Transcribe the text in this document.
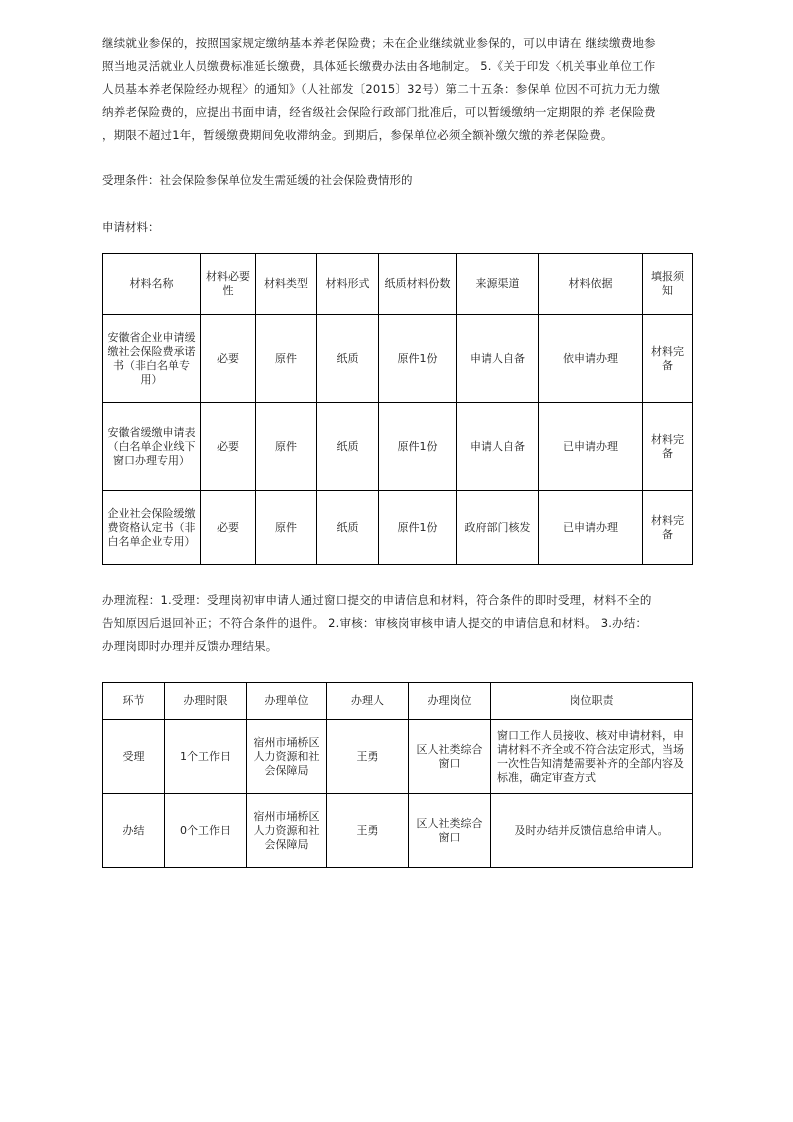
继续就业参保的，按照国家规定缴纳基本养老保险费；未在企业继续就业参保的，可以申请在 继续缴费地参
照当地灵活就业人员缴费标准延长缴费，具体延长缴费办法由各地制定。 5.《关于印发〈机关事业单位工作
人员基本养老保险经办规程〉的通知》（人社部发〔2015〕32号）第二十五条：参保单 位因不可抗力无力缴
纳养老保险费的，应提出书面申请，经省级社会保险行政部门批准后，可以暂缓缴纳一定期限的养 老保险费
，期限不超过1年，暂缓缴费期间免收滞纳金。到期后，参保单位必须全额补缴欠缴的养老保险费。

受理条件：社会保险参保单位发生需延缓的社会保险费情形的

申请材料：

材料名称	材料必要性	材料类型	材料形式	纸质材料份数	来源渠道	材料依据	填报须知
安徽省企业申请缓缴社会保险费承诺书（非白名单专用）	必要	原件	纸质	原件1份	申请人自备	依申请办理	材料完备
安徽省缓缴申请表（白名单企业线下窗口办理专用）	必要	原件	纸质	原件1份	申请人自备	已申请办理	材料完备
企业社会保险缓缴费资格认定书（非白名单企业专用）	必要	原件	纸质	原件1份	政府部门核发	已申请办理	材料完备

办理流程：1.受理：受理岗初审申请人通过窗口提交的申请信息和材料，符合条件的即时受理，材料不全的
告知原因后退回补正；不符合条件的退件。 2.审核：审核岗审核申请人提交的申请信息和材料。 3.办结：
办理岗即时办理并反馈办理结果。

环节	办理时限	办理单位	办理人	办理岗位	岗位职责
受理	1个工作日	宿州市埇桥区人力资源和社会保障局	王勇	区人社类综合窗口	窗口工作人员接收、核对申请材料，申请材料不齐全或不符合法定形式，当场一次性告知清楚需要补齐的全部内容及标准，确定审查方式
办结	0个工作日	宿州市埇桥区人力资源和社会保障局	王勇	区人社类综合窗口	及时办结并反馈信息给申请人。
